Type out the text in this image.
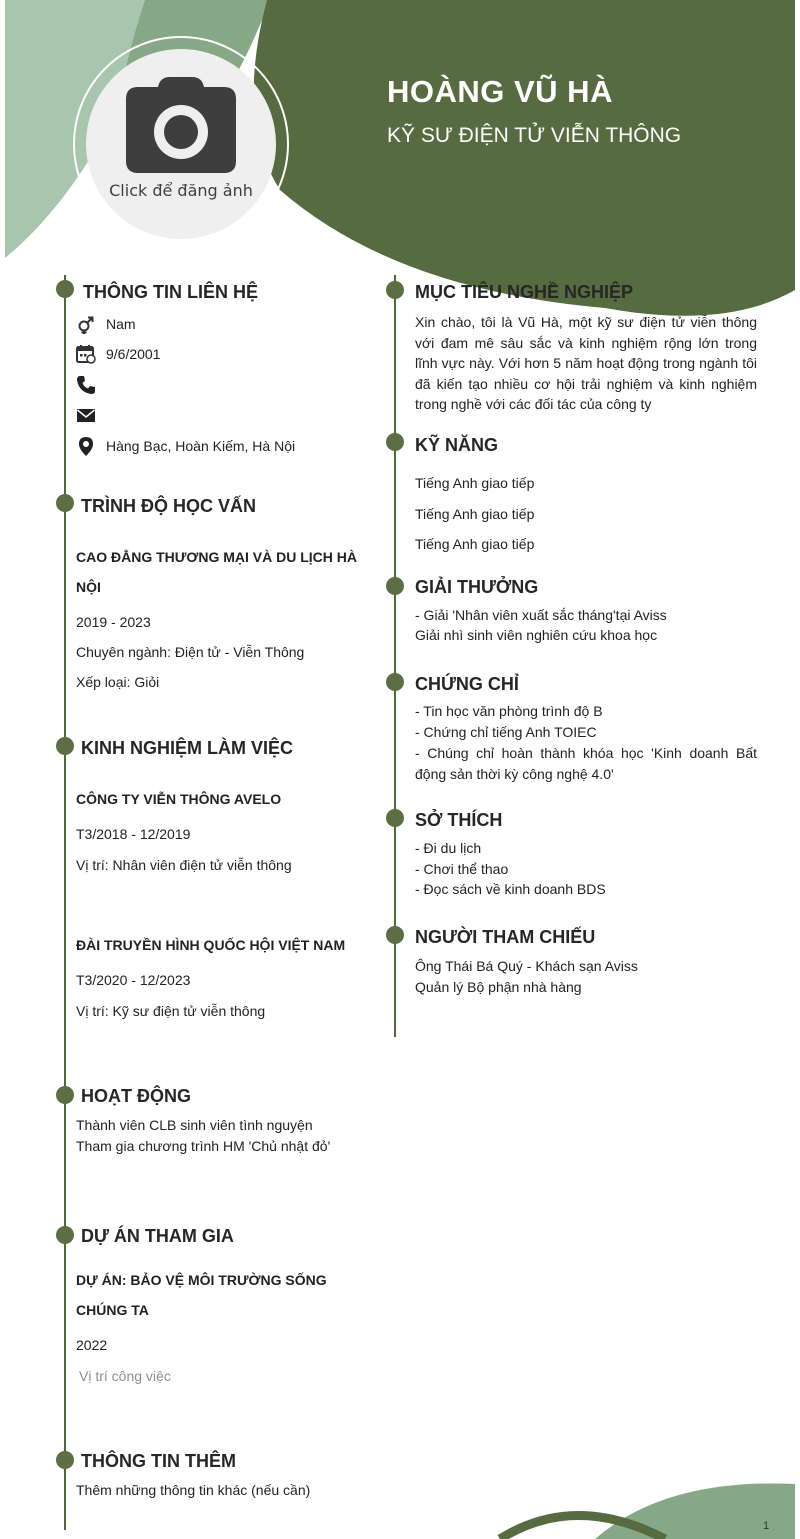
Click để đăng ảnh
HOÀNG VŨ HÀ
KỸ SƯ ĐIỆN TỬ VIỄN THÔNG
THÔNG TIN LIÊN HỆ
Nam
9/6/2001
Hàng Bạc, Hoàn Kiếm, Hà Nội
TRÌNH ĐỘ HỌC VẤN
CAO ĐẲNG THƯƠNG MẠI VÀ DU LỊCH HÀ
NỘI
2019 - 2023
Chuyên ngành: Điện tử - Viễn Thông
Xếp loại: Giỏi
KINH NGHIỆM LÀM VIỆC
CÔNG TY VIỄN THÔNG AVELO
T3/2018 - 12/2019
Vị trí: Nhân viên điện tử viễn thông
ĐÀI TRUYỀN HÌNH QUỐC HỘI VIỆT NAM
T3/2020 - 12/2023
Vị trí: Kỹ sư điện tử viễn thông
HOẠT ĐỘNG
Thành viên CLB sinh viên tình nguyện
Tham gia chương trình HM 'Chủ nhật đỏ'
DỰ ÁN THAM GIA
DỰ ÁN: BẢO VỆ MÔI TRƯỜNG SỐNG
CHÚNG TA
2022
Vị trí công việc
THÔNG TIN THÊM
Thêm những thông tin khác (nếu cần)
MỤC TIÊU NGHỀ NGHIỆP
Xin chào, tôi là Vũ Hà, một kỹ sư điện tử viễn thông với đam mê sâu sắc và kinh nghiệm rộng lớn trong lĩnh vực này. Với hơn 5 năm hoạt động trong ngành tôi đã kiến tạo nhiều cơ hội trải nghiệm và kinh nghiệm trong nghề với các đối tác của công ty
KỸ NĂNG
Tiếng Anh giao tiếp
Tiếng Anh giao tiếp
Tiếng Anh giao tiếp
GIẢI THƯỞNG
- Giải 'Nhân viên xuất sắc tháng'tại Aviss
Giải nhì sinh viên nghiên cứu khoa học
CHỨNG CHỈ
- Tin học văn phòng trình độ B
- Chứng chỉ tiếng Anh TOIEC
- Chúng chỉ hoàn thành khóa học 'Kinh doanh Bất động sản thời kỳ công nghệ 4.0'
SỞ THÍCH
- Đi du lịch
- Chơi thể thao
- Đọc sách về kinh doanh BDS
NGƯỜI THAM CHIẾU
Ông Thái Bá Quý - Khách sạn Aviss
Quản lý Bộ phận nhà hàng
1
